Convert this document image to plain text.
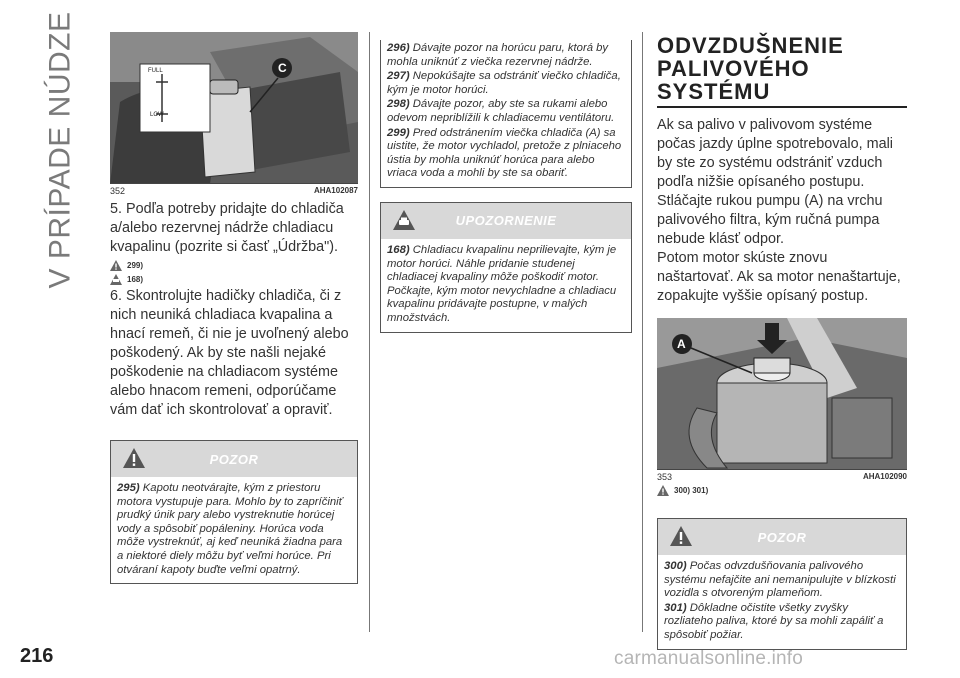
V PRÍPADE NÚDZE	FULL
LOW
C
352	AHA102087

5. Podľa potreby pridajte do chladiča a/alebo rezervnej nádrže chladiacu kvapalinu (pozrite si časť „Údržba").

299)
168)

6. Skontrolujte hadičky chladiča, či z nich neuniká chladiaca kvapalina a hnací remeň, či nie je uvoľnený alebo poškodený. Ak by ste našli nejaké poškodenie na chladiacom systéme alebo hnacom remeni, odporúčame vám dať ich skontrolovať a opraviť.

POZOR

295) Kapotu neotvárajte, kým z priestoru motora vystupuje para. Mohlo by to zapríčiniť prudký únik pary alebo vystreknutie horúcej vody a spôsobiť popáleniny. Horúca voda môže vystreknúť, aj keď neuniká žiadna para a niektoré diely môžu byť veľmi horúce. Pri otváraní kapoty buďte veľmi opatrný.

296) Dávajte pozor na horúcu paru, ktorá by mohla uniknúť z viečka rezervnej nádrže.

297) Nepokúšajte sa odstrániť viečko chladiča, kým je motor horúci.

298) Dávajte pozor, aby ste sa rukami alebo odevom nepriblížili k chladiacemu ventilátoru.

299) Pred odstránením viečka chladiča (A) sa uistite, že motor vychladol, pretože z plniaceho ústia by mohla uniknúť horúca para alebo vriaca voda a mohli by ste sa obariť.

UPOZORNENIE

168) Chladiacu kvapalinu neprilievajte, kým je motor horúci. Náhle pridanie studenej chladiacej kvapaliny môže poškodiť motor. Počkajte, kým motor nevychladne a chladiacu kvapalinu pridávajte postupne, v malých množstvách.

ODVZDUŠNENIE
PALIVOVÉHO
SYSTÉMU

Ak sa palivo v palivovom systéme počas jazdy úplne spotrebovalo, mali by ste zo systému odstrániť vzduch podľa nižšie opísaného postupu. Stláčajte rukou pumpu (A) na vrchu palivového filtra, kým ručná pumpa nebude klásť odpor.

Potom motor skúste znovu naštartovať. Ak sa motor nenaštartuje, zopakujte vyššie opísaný postup.

A
353	AHA102090
300) 301)
POZOR

300) Počas odvzdušňovania palivového systému nefajčite ani nemanipulujte v blízkosti vozidla s otvoreným plameňom.

301) Dôkladne očistite všetky zvyšky rozliateho paliva, ktoré by sa mohli zapáliť a spôsobiť požiar.

216	carmanualsonline.info
